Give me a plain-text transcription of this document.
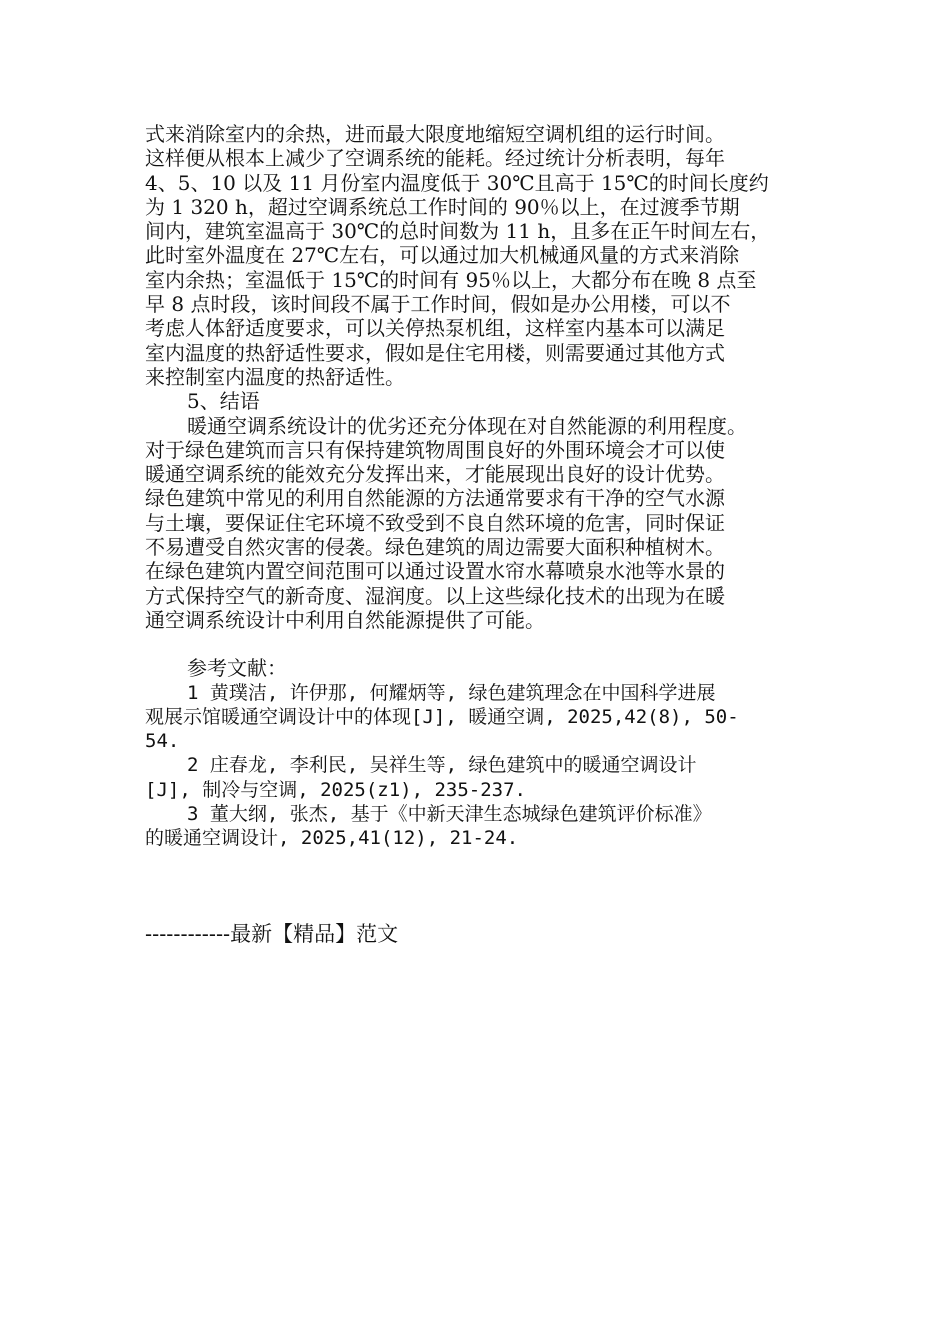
式来消除室内的余热，进而最大限度地缩短空调机组的运行时间。
这样便从根本上减少了空调系统的能耗。经过统计分析表明，每年
4、5、10 以及 11 月份室内温度低于 30℃且高于 15℃的时间长度约
为 1 320 h，超过空调系统总工作时间的 90％以上，在过渡季节期
间内，建筑室温高于 30℃的总时间数为 11 h，且多在正午时间左右，
此时室外温度在 27℃左右，可以通过加大机械通风量的方式来消除
室内余热；室温低于 15℃的时间有 95％以上，大都分布在晚 8 点至
早 8 点时段，该时间段不属于工作时间，假如是办公用楼，可以不
考虑人体舒适度要求，可以关停热泵机组，这样室内基本可以满足
室内温度的热舒适性要求，假如是住宅用楼，则需要通过其他方式
来控制室内温度的热舒适性。
5、结语
暖通空调系统设计的优劣还充分体现在对自然能源的利用程度。
对于绿色建筑而言只有保持建筑物周围良好的外围环境会才可以使
暖通空调系统的能效充分发挥出来，才能展现出良好的设计优势。
绿色建筑中常见的利用自然能源的方法通常要求有干净的空气水源
与土壤，要保证住宅环境不致受到不良自然环境的危害，同时保证
不易遭受自然灾害的侵袭。绿色建筑的周边需要大面积种植树木。
在绿色建筑内置空间范围可以通过设置水帘水幕喷泉水池等水景的
方式保持空气的新奇度、湿润度。以上这些绿化技术的出现为在暖
通空调系统设计中利用自然能源提供了可能。
参考文献：
1 黄璞洁, 许伊那, 何耀炳等, 绿色建筑理念在中国科学进展
观展示馆暖通空调设计中的体现[J], 暖通空调, 2025,42(8), 50-
54.
2 庄春龙, 李利民, 吴祥生等, 绿色建筑中的暖通空调设计
[J], 制冷与空调, 2025(z1), 235-237.
3 董大纲, 张杰, 基于《中新天津生态城绿色建筑评价标准》
的暖通空调设计, 2025,41(12), 21-24.
------------最新【精品】范文
